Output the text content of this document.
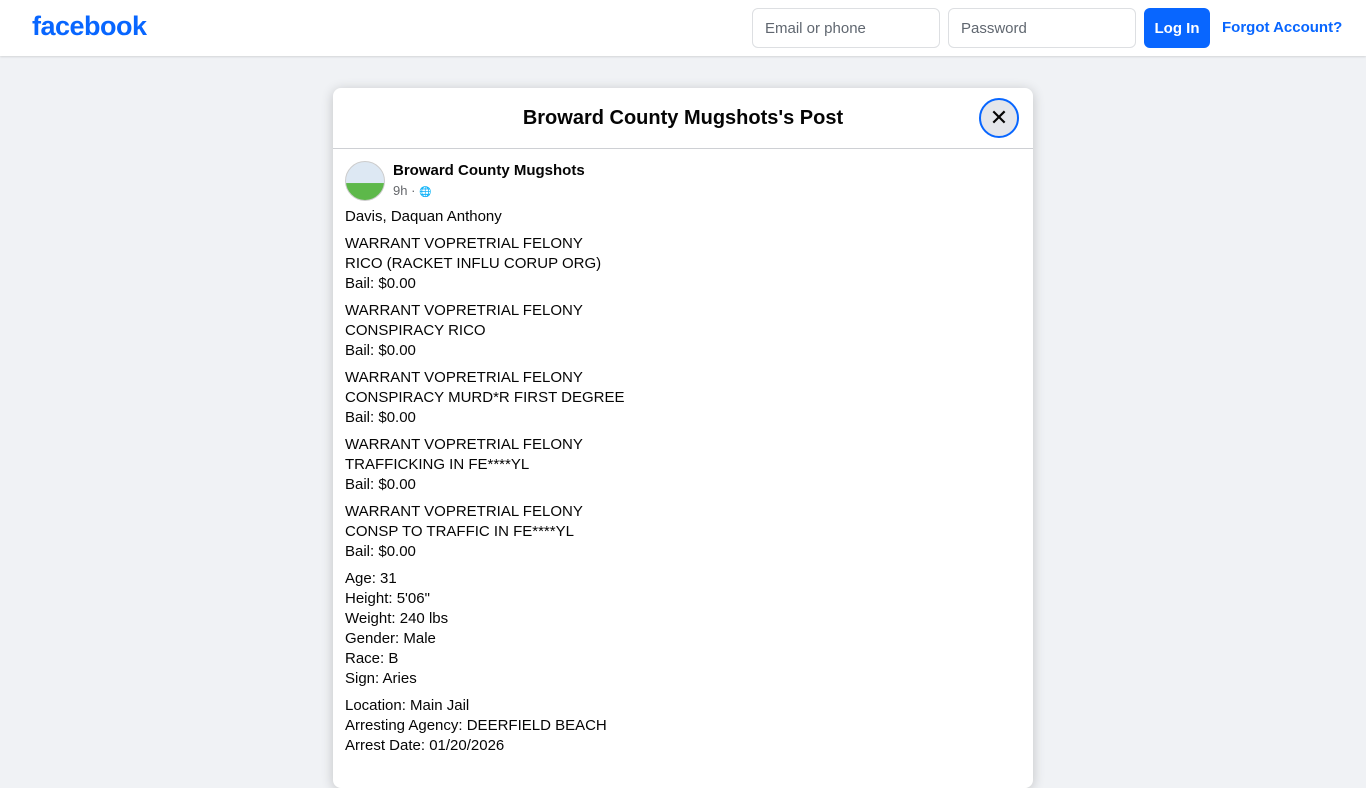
facebook
Email or phone	Log In	Forgot Account?
Broward County Mugshots's Post	✕
Broward County Mugshots
9h · 🌐

Davis, Daquan Anthony

WARRANT VOPRETRIAL FELONY
RICO (RACKET INFLU CORUP ORG)
Bail: $0.00

WARRANT VOPRETRIAL FELONY
CONSPIRACY RICO
Bail: $0.00

WARRANT VOPRETRIAL FELONY
CONSPIRACY MURD*R FIRST DEGREE
Bail: $0.00

WARRANT VOPRETRIAL FELONY
TRAFFICKING IN FE****YL
Bail: $0.00

WARRANT VOPRETRIAL FELONY
CONSP TO TRAFFIC IN FE****YL
Bail: $0.00

Age: 31
Height: 5'06"
Weight: 240 lbs
Gender: Male
Race: B
Sign: Aries

Location: Main Jail
Arresting Agency: DEERFIELD BEACH
Arrest Date: 01/20/2026
